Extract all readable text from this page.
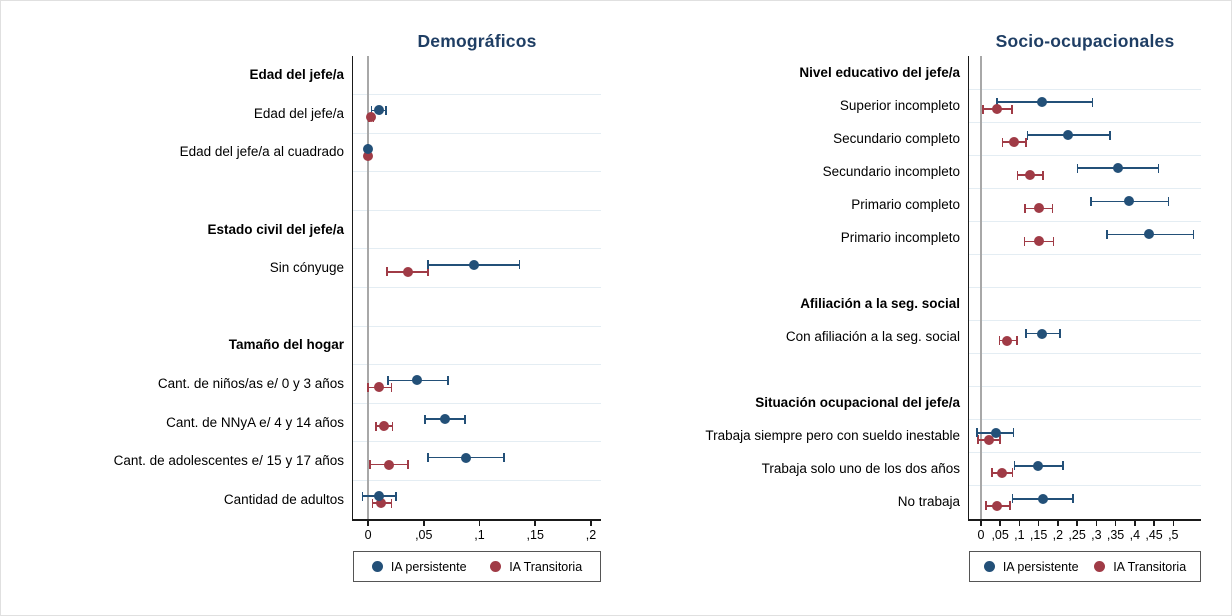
Demográficos
0	,05	,1	,15	,2
IA persistente	IA Transitoria
Edad del jefe/a
Edad del jefe/a
Edad del jefe/a al cuadrado
Estado civil del jefe/a
Sin cónyuge
Tamaño del hogar
Cant. de niños/as e/ 0 y 3 años
Cant. de NNyA e/ 4 y 14 años
Cant. de adolescentes e/ 15 y 17 años
Cantidad de adultos
Socio-ocupacionales
0 ,05 ,1 ,15 ,2 ,25 ,3 ,35 ,4 ,45 ,5
IA persistente	IA Transitoria
Nivel educativo del jefe/a
Superior incompleto
Secundario completo
Secundario incompleto
Primario completo
Primario incompleto
Afiliación a la seg. social
Con afiliación a la seg. social
Situación ocupacional del jefe/a
Trabaja siempre pero con sueldo inestable
Trabaja solo uno de los dos años
No trabaja
